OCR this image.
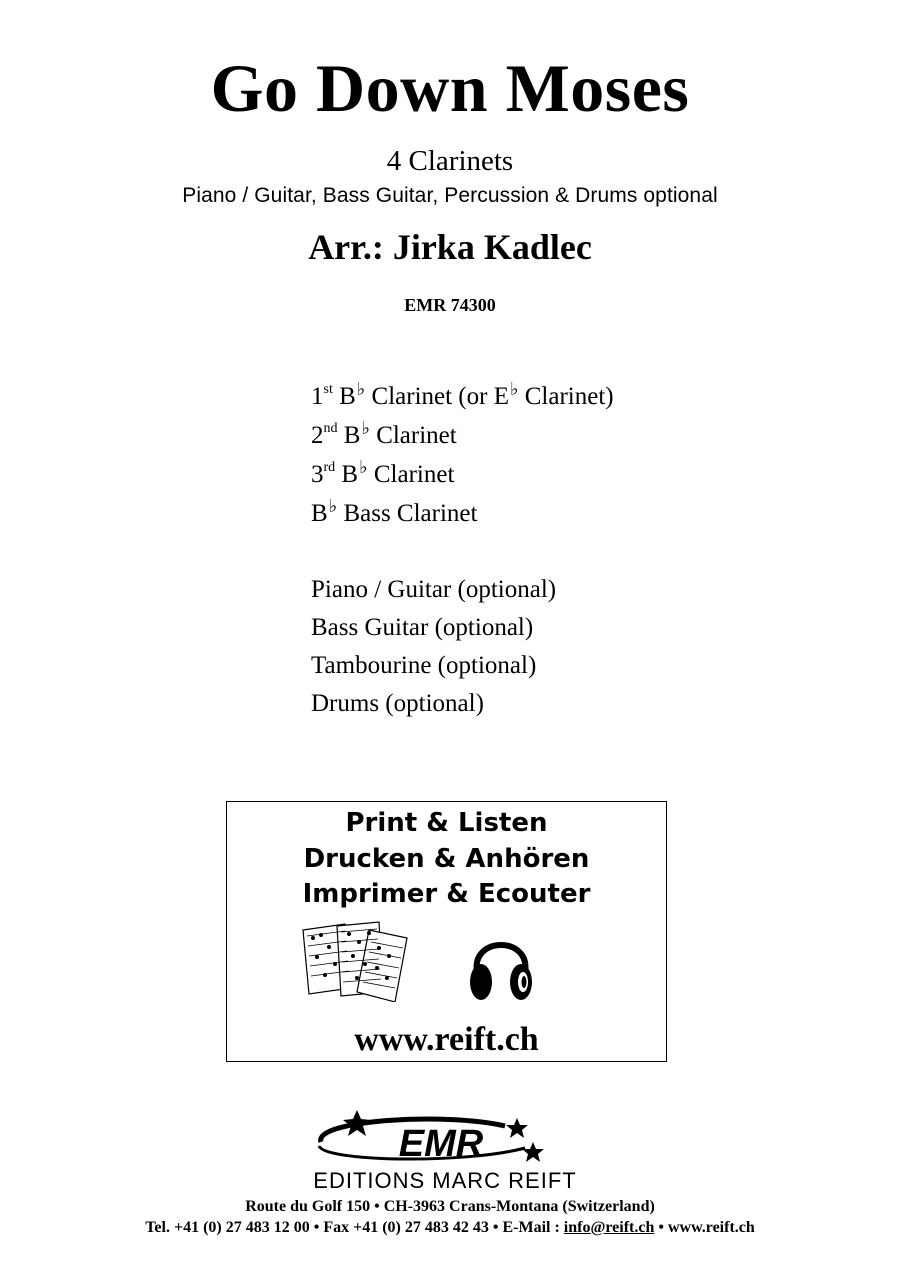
Go Down Moses
4 Clarinets
Piano / Guitar, Bass Guitar, Percussion & Drums optional
Arr.: Jirka Kadlec
EMR 74300
1st B♭ Clarinet (or E♭ Clarinet)
2nd B♭ Clarinet
3rd B♭ Clarinet
B♭ Bass Clarinet
Piano / Guitar (optional)
Bass Guitar (optional)
Tambourine (optional)
Drums (optional)
Print & Listen
Drucken & Anhören
Imprimer & Ecouter
www.reift.ch
EMR
EDITIONS MARC REIFT
Route du Golf 150 • CH-3963 Crans-Montana (Switzerland)
Tel. +41 (0) 27 483 12 00 • Fax +41 (0) 27 483 42 43 • E-Mail : info@reift.ch • www.reift.ch
